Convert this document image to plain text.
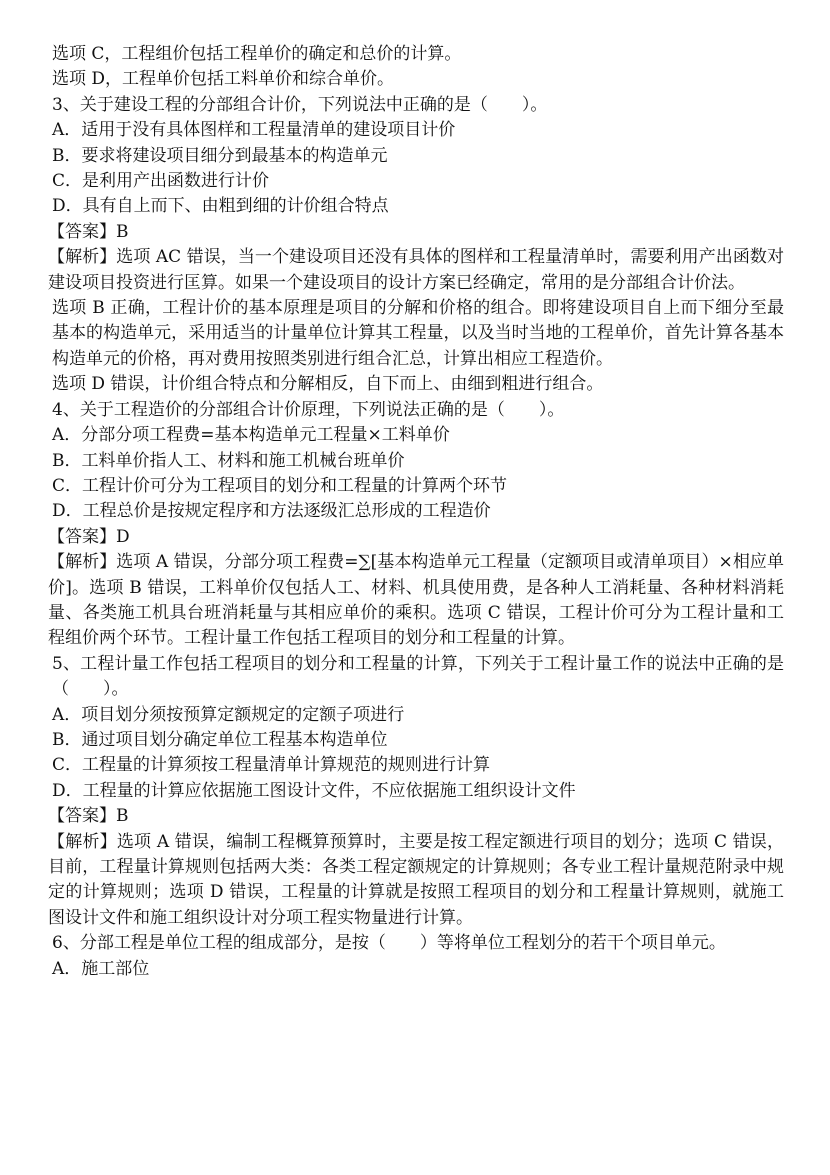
选项 C，工程组价包括工程单价的确定和总价的计算。

选项 D，工程单价包括工料单价和综合单价。

3、关于建设工程的分部组合计价，下列说法中正确的是（　　）。

A．适用于没有具体图样和工程量清单的建设项目计价

B．要求将建设项目细分到最基本的构造单元

C．是利用产出函数进行计价

D．具有自上而下、由粗到细的计价组合特点

【答案】B

【解析】选项 AC 错误，当一个建设项目还没有具体的图样和工程量清单时，需要利用产出函数对建设项目投资进行匡算。如果一个建设项目的设计方案已经确定，常用的是分部组合计价法。

选项 B 正确，工程计价的基本原理是项目的分解和价格的组合。即将建设项目自上而下细分至最基本的构造单元，采用适当的计量单位计算其工程量，以及当时当地的工程单价，首先计算各基本构造单元的价格，再对费用按照类别进行组合汇总，计算出相应工程造价。

选项 D 错误，计价组合特点和分解相反，自下而上、由细到粗进行组合。

4、关于工程造价的分部组合计价原理，下列说法正确的是（　　）。

A．分部分项工程费=基本构造单元工程量×工料单价

B．工料单价指人工、材料和施工机械台班单价

C．工程计价可分为工程项目的划分和工程量的计算两个环节

D．工程总价是按规定程序和方法逐级汇总形成的工程造价

【答案】D

【解析】选项 A 错误，分部分项工程费=∑[基本构造单元工程量（定额项目或清单项目）×相应单价]。选项 B 错误，工料单价仅包括人工、材料、机具使用费，是各种人工消耗量、各种材料消耗量、各类施工机具台班消耗量与其相应单价的乘积。选项 C 错误，工程计价可分为工程计量和工程组价两个环节。工程计量工作包括工程项目的划分和工程量的计算。

5、工程计量工作包括工程项目的划分和工程量的计算，下列关于工程计量工作的说法中正确的是（　　）。

A．项目划分须按预算定额规定的定额子项进行

B．通过项目划分确定单位工程基本构造单位

C．工程量的计算须按工程量清单计算规范的规则进行计算

D．工程量的计算应依据施工图设计文件，不应依据施工组织设计文件

【答案】B

【解析】选项 A 错误，编制工程概算预算时，主要是按工程定额进行项目的划分；选项 C 错误，目前，工程量计算规则包括两大类：各类工程定额规定的计算规则；各专业工程计量规范附录中规定的计算规则；选项 D 错误，工程量的计算就是按照工程项目的划分和工程量计算规则，就施工图设计文件和施工组织设计对分项工程实物量进行计算。

6、分部工程是单位工程的组成部分，是按（　　）等将单位工程划分的若干个项目单元。

A．施工部位
